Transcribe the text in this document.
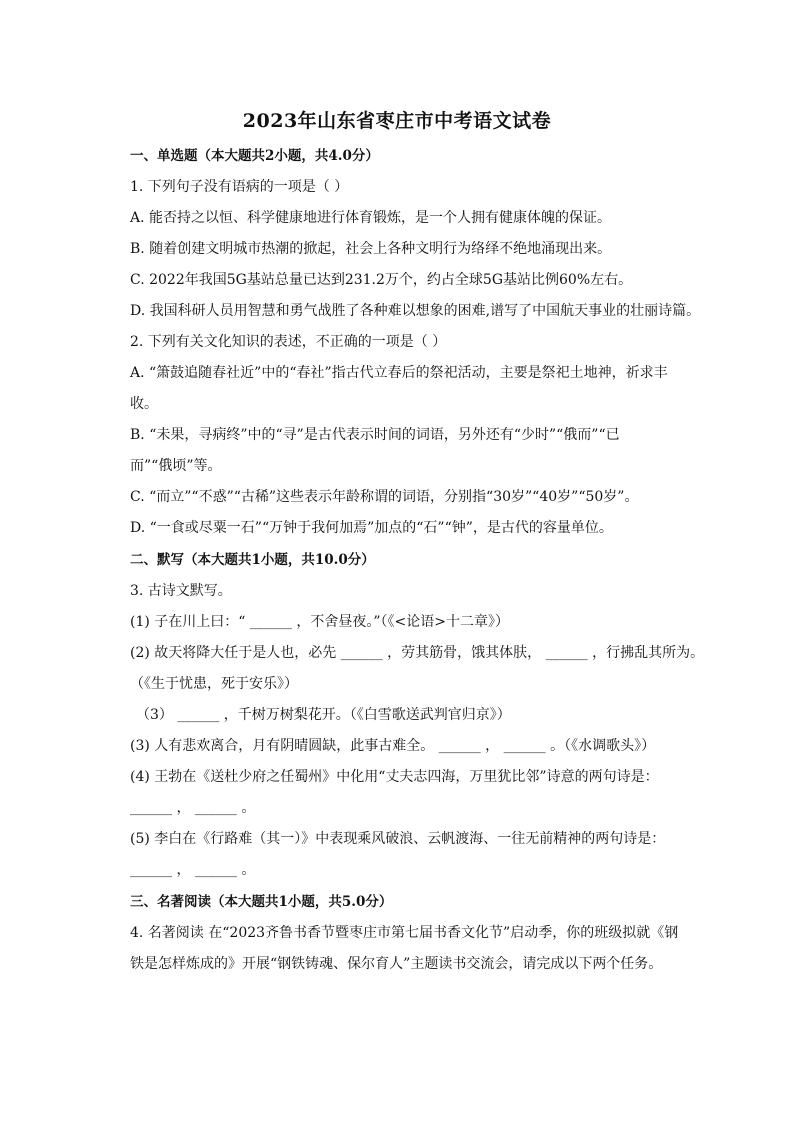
2023年山东省枣庄市中考语文试卷
一、单选题（本大题共2小题，共4.0分）
1. 下列句子没有语病的一项是（ ）
A. 能否持之以恒、科学健康地进行体育锻炼，是一个人拥有健康体魄的保证。
B. 随着创建文明城市热潮的掀起，社会上各种文明行为络绎不绝地涌现出来。
C. 2022年我国5G基站总量已达到231.2万个，约占全球5G基站比例60%左右。
D. 我国科研人员用智慧和勇气战胜了各种难以想象的困难,谱写了中国航天事业的壮丽诗篇。
2. 下列有关文化知识的表述，不正确的一项是（ ）
A. “箫鼓追随春社近”中的“春社”指古代立春后的祭祀活动，主要是祭祀土地神，祈求丰
收。
B. “未果，寻病终”中的“寻”是古代表示时间的词语，另外还有“少时”“俄而”“已
而”“俄顷”等。
C. “而立”“不惑”“古稀”这些表示年龄称谓的词语，分别指“30岁”“40岁”“50岁”。
D. “一食或尽粟一石”“万钟于我何加焉”加点的“石”“钟”，是古代的容量单位。
二、默写（本大题共1小题，共10.0分）
3. 古诗文默写。
(1) 子在川上曰：“ ______ ，不舍昼夜。”（《<论语>十二章》）
(2) 故天将降大任于是人也，必先 ______ ，劳其筋骨，饿其体肤， ______ ，行拂乱其所为。
（《生于忧患，死于安乐》）
（3） ______ ，千树万树梨花开。（《白雪歌送武判官归京》）
(3) 人有悲欢离合，月有阴晴圆缺，此事古难全。 ______ ， ______ 。（《水调歌头》）
(4) 王勃在《送杜少府之任蜀州》中化用“丈夫志四海，万里犹比邻”诗意的两句诗是：
______ ， ______ 。
(5) 李白在《行路难（其一）》中表现乘风破浪、云帆渡海、一往无前精神的两句诗是：
______ ， ______ 。
三、名著阅读（本大题共1小题，共5.0分）
4. 名著阅读 在“2023齐鲁书香节暨枣庄市第七届书香文化节”启动季，你的班级拟就《钢
铁是怎样炼成的》开展“钢铁铸魂、保尔育人”主题读书交流会，请完成以下两个任务。
